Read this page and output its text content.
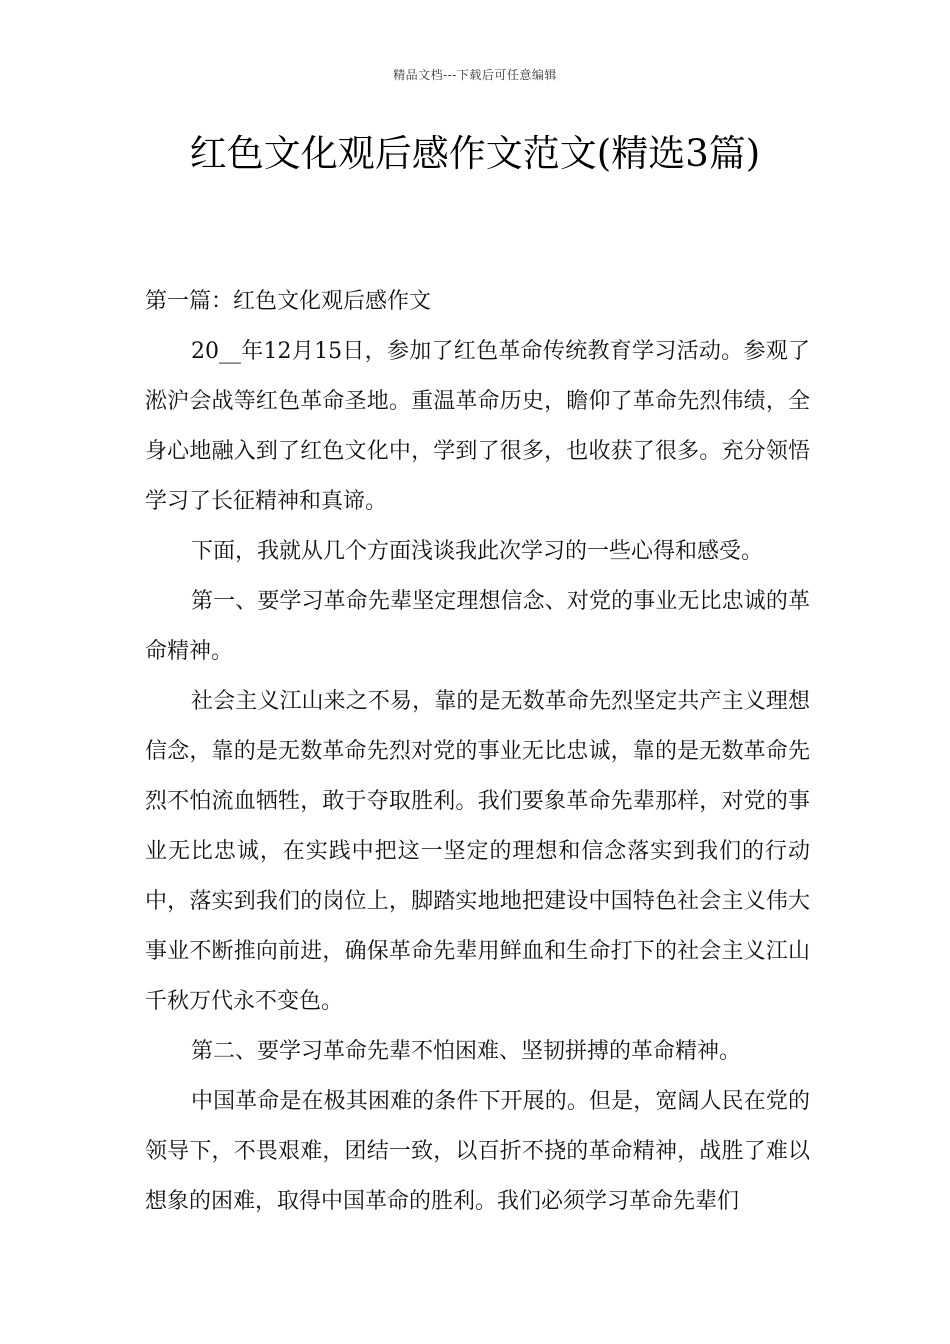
精品文档---下载后可任意编辑
红色文化观后感作文范文(精选3篇)

第一篇：红色文化观后感作文

20__年12月15日，参加了红色革命传统教育学习活动。参观了淞沪会战等红色革命圣地。重温革命历史，瞻仰了革命先烈伟绩，全身心地融入到了红色文化中，学到了很多，也收获了很多。充分领悟学习了长征精神和真谛。

下面，我就从几个方面浅谈我此次学习的一些心得和感受。

第一、要学习革命先辈坚定理想信念、对党的事业无比忠诚的革命精神。

社会主义江山来之不易，靠的是无数革命先烈坚定共产主义理想信念，靠的是无数革命先烈对党的事业无比忠诚，靠的是无数革命先烈不怕流血牺牲，敢于夺取胜利。我们要象革命先辈那样，对党的事业无比忠诚，在实践中把这一坚定的理想和信念落实到我们的行动中，落实到我们的岗位上，脚踏实地地把建设中国特色社会主义伟大事业不断推向前进，确保革命先辈用鲜血和生命打下的社会主义江山千秋万代永不变色。

第二、要学习革命先辈不怕困难、坚韧拼搏的革命精神。

中国革命是在极其困难的条件下开展的。但是，宽阔人民在党的领导下，不畏艰难，团结一致，以百折不挠的革命精神，战胜了难以想象的困难，取得中国革命的胜利。我们必须学习革命先辈们
